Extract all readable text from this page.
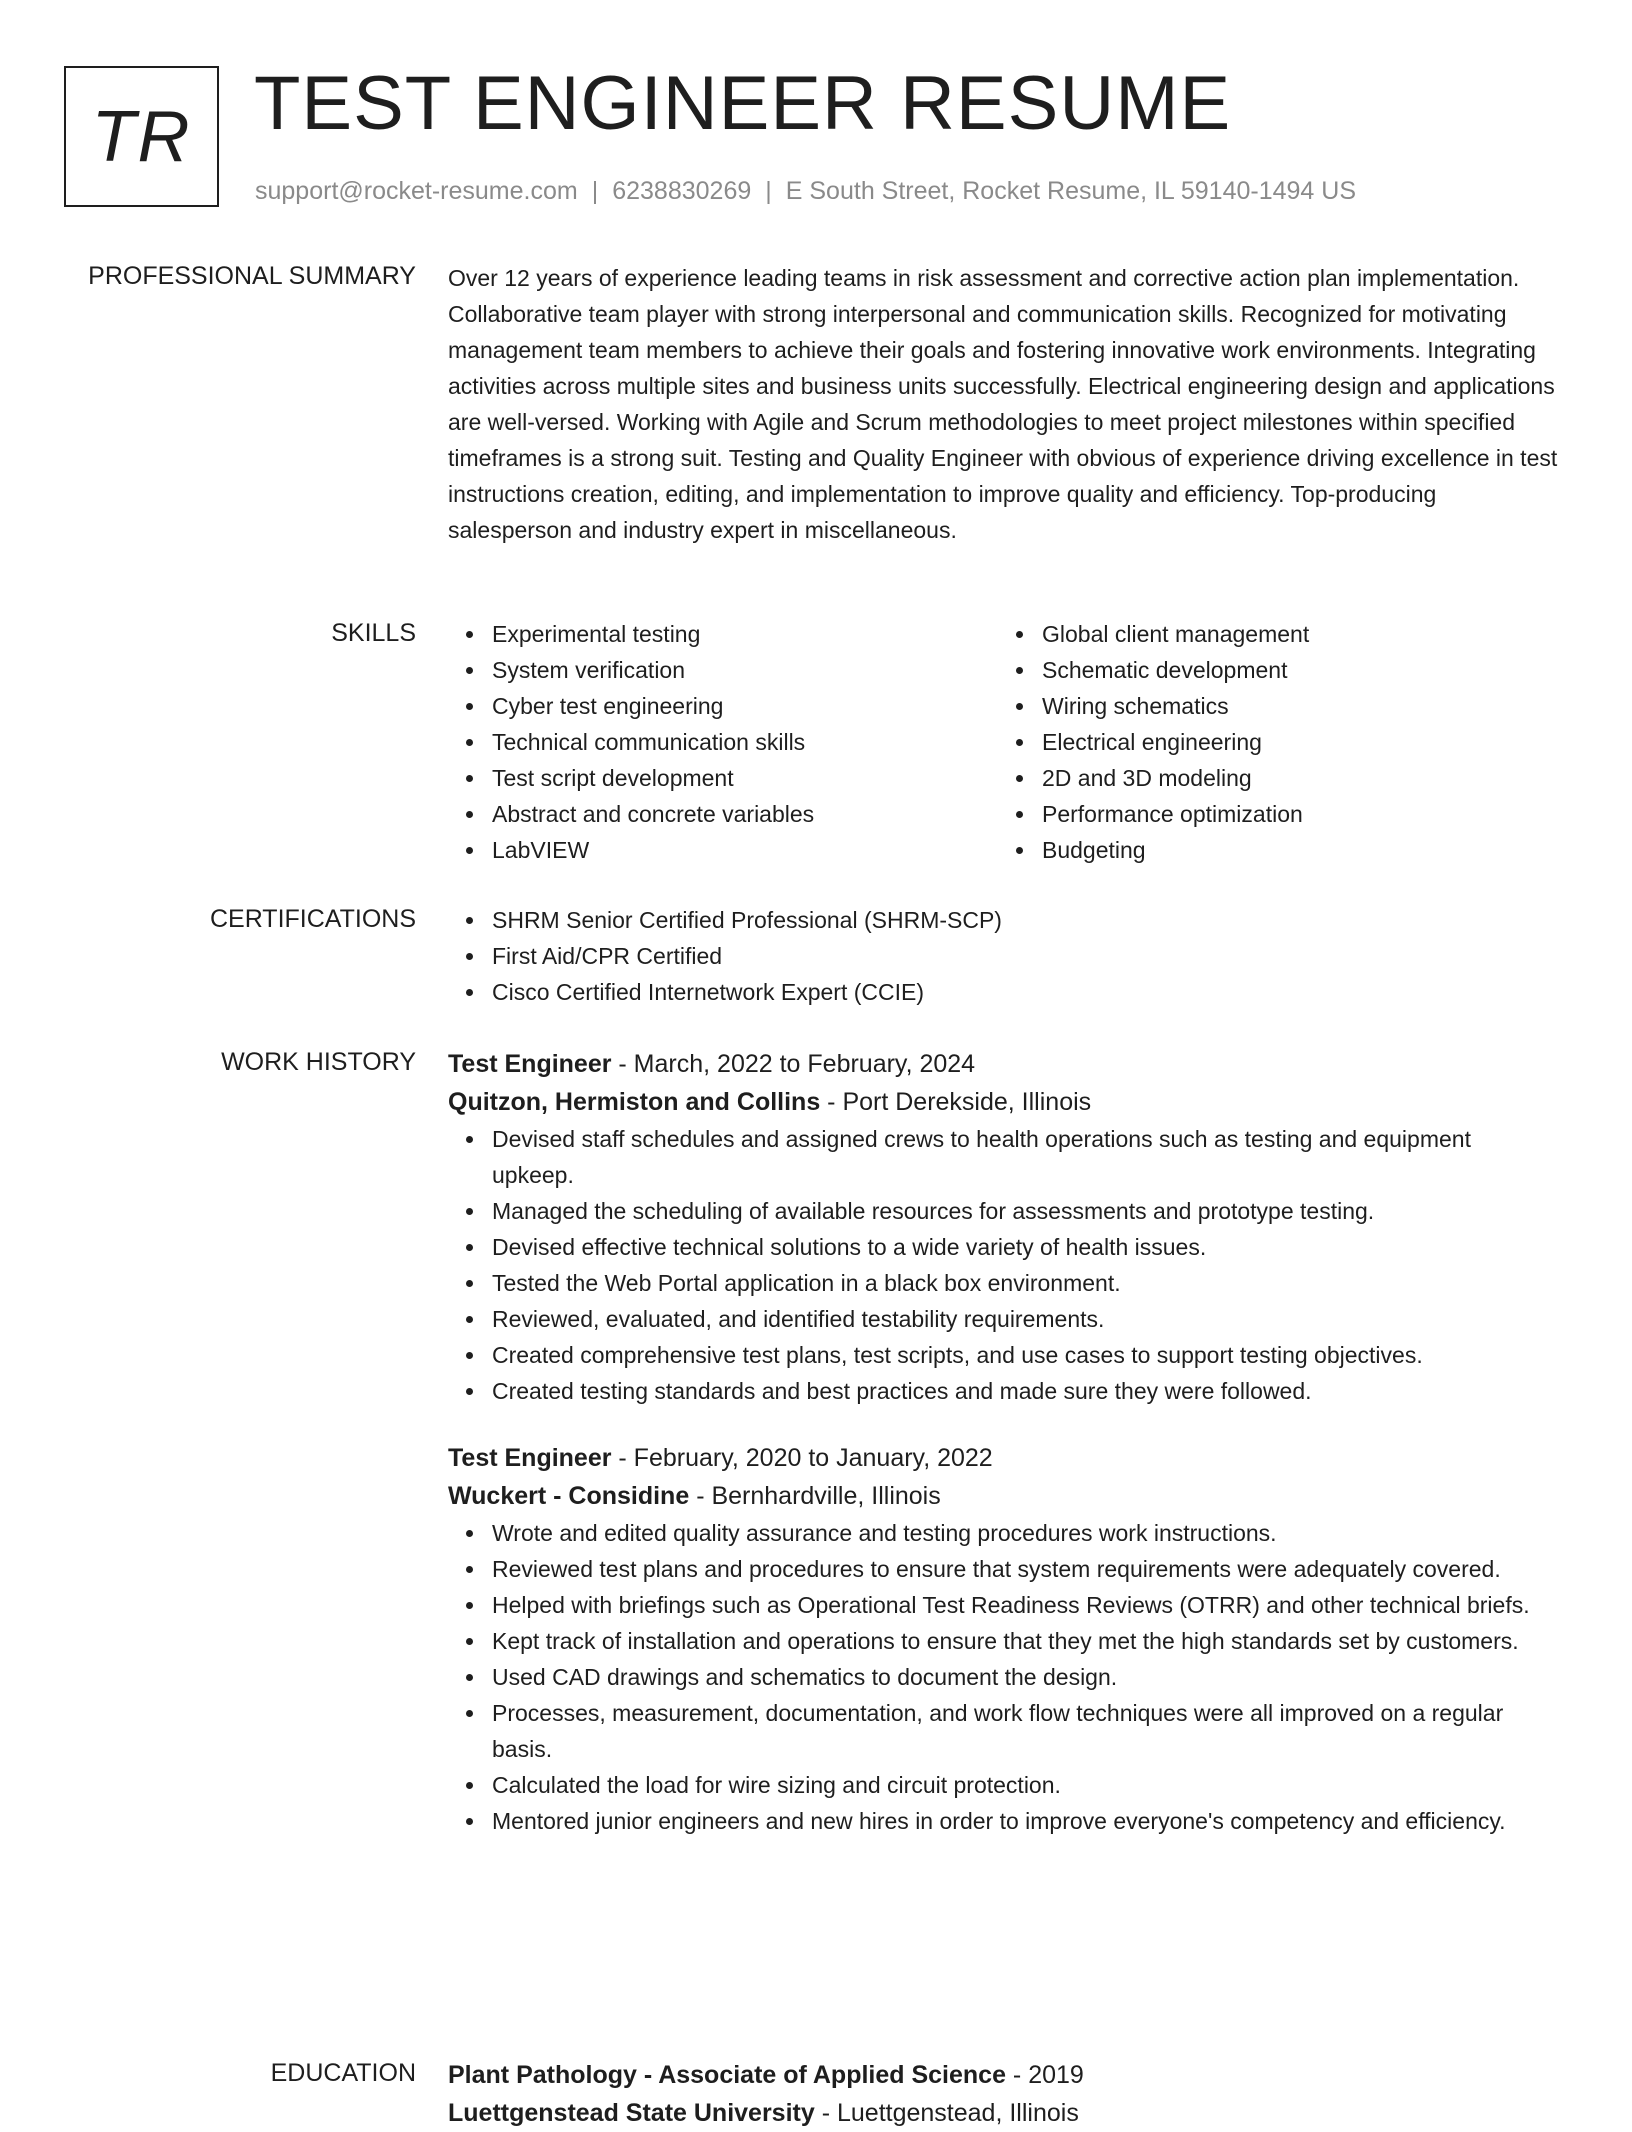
TR TEST ENGINEER RESUME
support@rocket-resume.com | 6238830269 | E South Street, Rocket Resume, IL 59140-1494 US
PROFESSIONAL SUMMARY Over 12 years of experience leading teams in risk assessment and corrective action plan implementation. Collaborative team player with strong interpersonal and communication skills. Recognized for motivating management team members to achieve their goals and fostering innovative work environments. Integrating activities across multiple sites and business units successfully. Electrical engineering design and applications are well-versed. Working with Agile and Scrum methodologies to meet project milestones within specified timeframes is a strong suit. Testing and Quality Engineer with obvious of experience driving excellence in test instructions creation, editing, and implementation to improve quality and efficiency. Top-producing salesperson and industry expert in miscellaneous.

SKILLS	Experimental testing
System verification
Cyber test engineering
Technical communication skills
Test script development
Abstract and concrete variables
LabVIEW
Global client management
Schematic development
Wiring schematics
Electrical engineering
2D and 3D modeling
Performance optimization
Budgeting
CERTIFICATIONS	SHRM Senior Certified Professional (SHRM-SCP)
First Aid/CPR Certified
Cisco Certified Internetwork Expert (CCIE)
WORK HISTORY Test Engineer - March, 2022 to February, 2024
Quitzon, Hermiston and Collins - Port Derekside, Illinois
Devised staff schedules and assigned crews to health operations such as testing and equipment upkeep.
Managed the scheduling of available resources for assessments and prototype testing.
Devised effective technical solutions to a wide variety of health issues.
Tested the Web Portal application in a black box environment.
Reviewed, evaluated, and identified testability requirements.
Created comprehensive test plans, test scripts, and use cases to support testing objectives.
Created testing standards and best practices and made sure they were followed.
Test Engineer - February, 2020 to January, 2022
Wuckert - Considine - Bernhardville, Illinois
Wrote and edited quality assurance and testing procedures work instructions.
Reviewed test plans and procedures to ensure that system requirements were adequately covered.
Helped with briefings such as Operational Test Readiness Reviews (OTRR) and other technical briefs.
Kept track of installation and operations to ensure that they met the high standards set by customers.
Used CAD drawings and schematics to document the design.
Processes, measurement, documentation, and work flow techniques were all improved on a regular basis.
Calculated the load for wire sizing and circuit protection.
Mentored junior engineers and new hires in order to improve everyone's competency and efficiency.
EDUCATION Plant Pathology - Associate of Applied Science - 2019
Luettgenstead State University - Luettgenstead, Illinois
